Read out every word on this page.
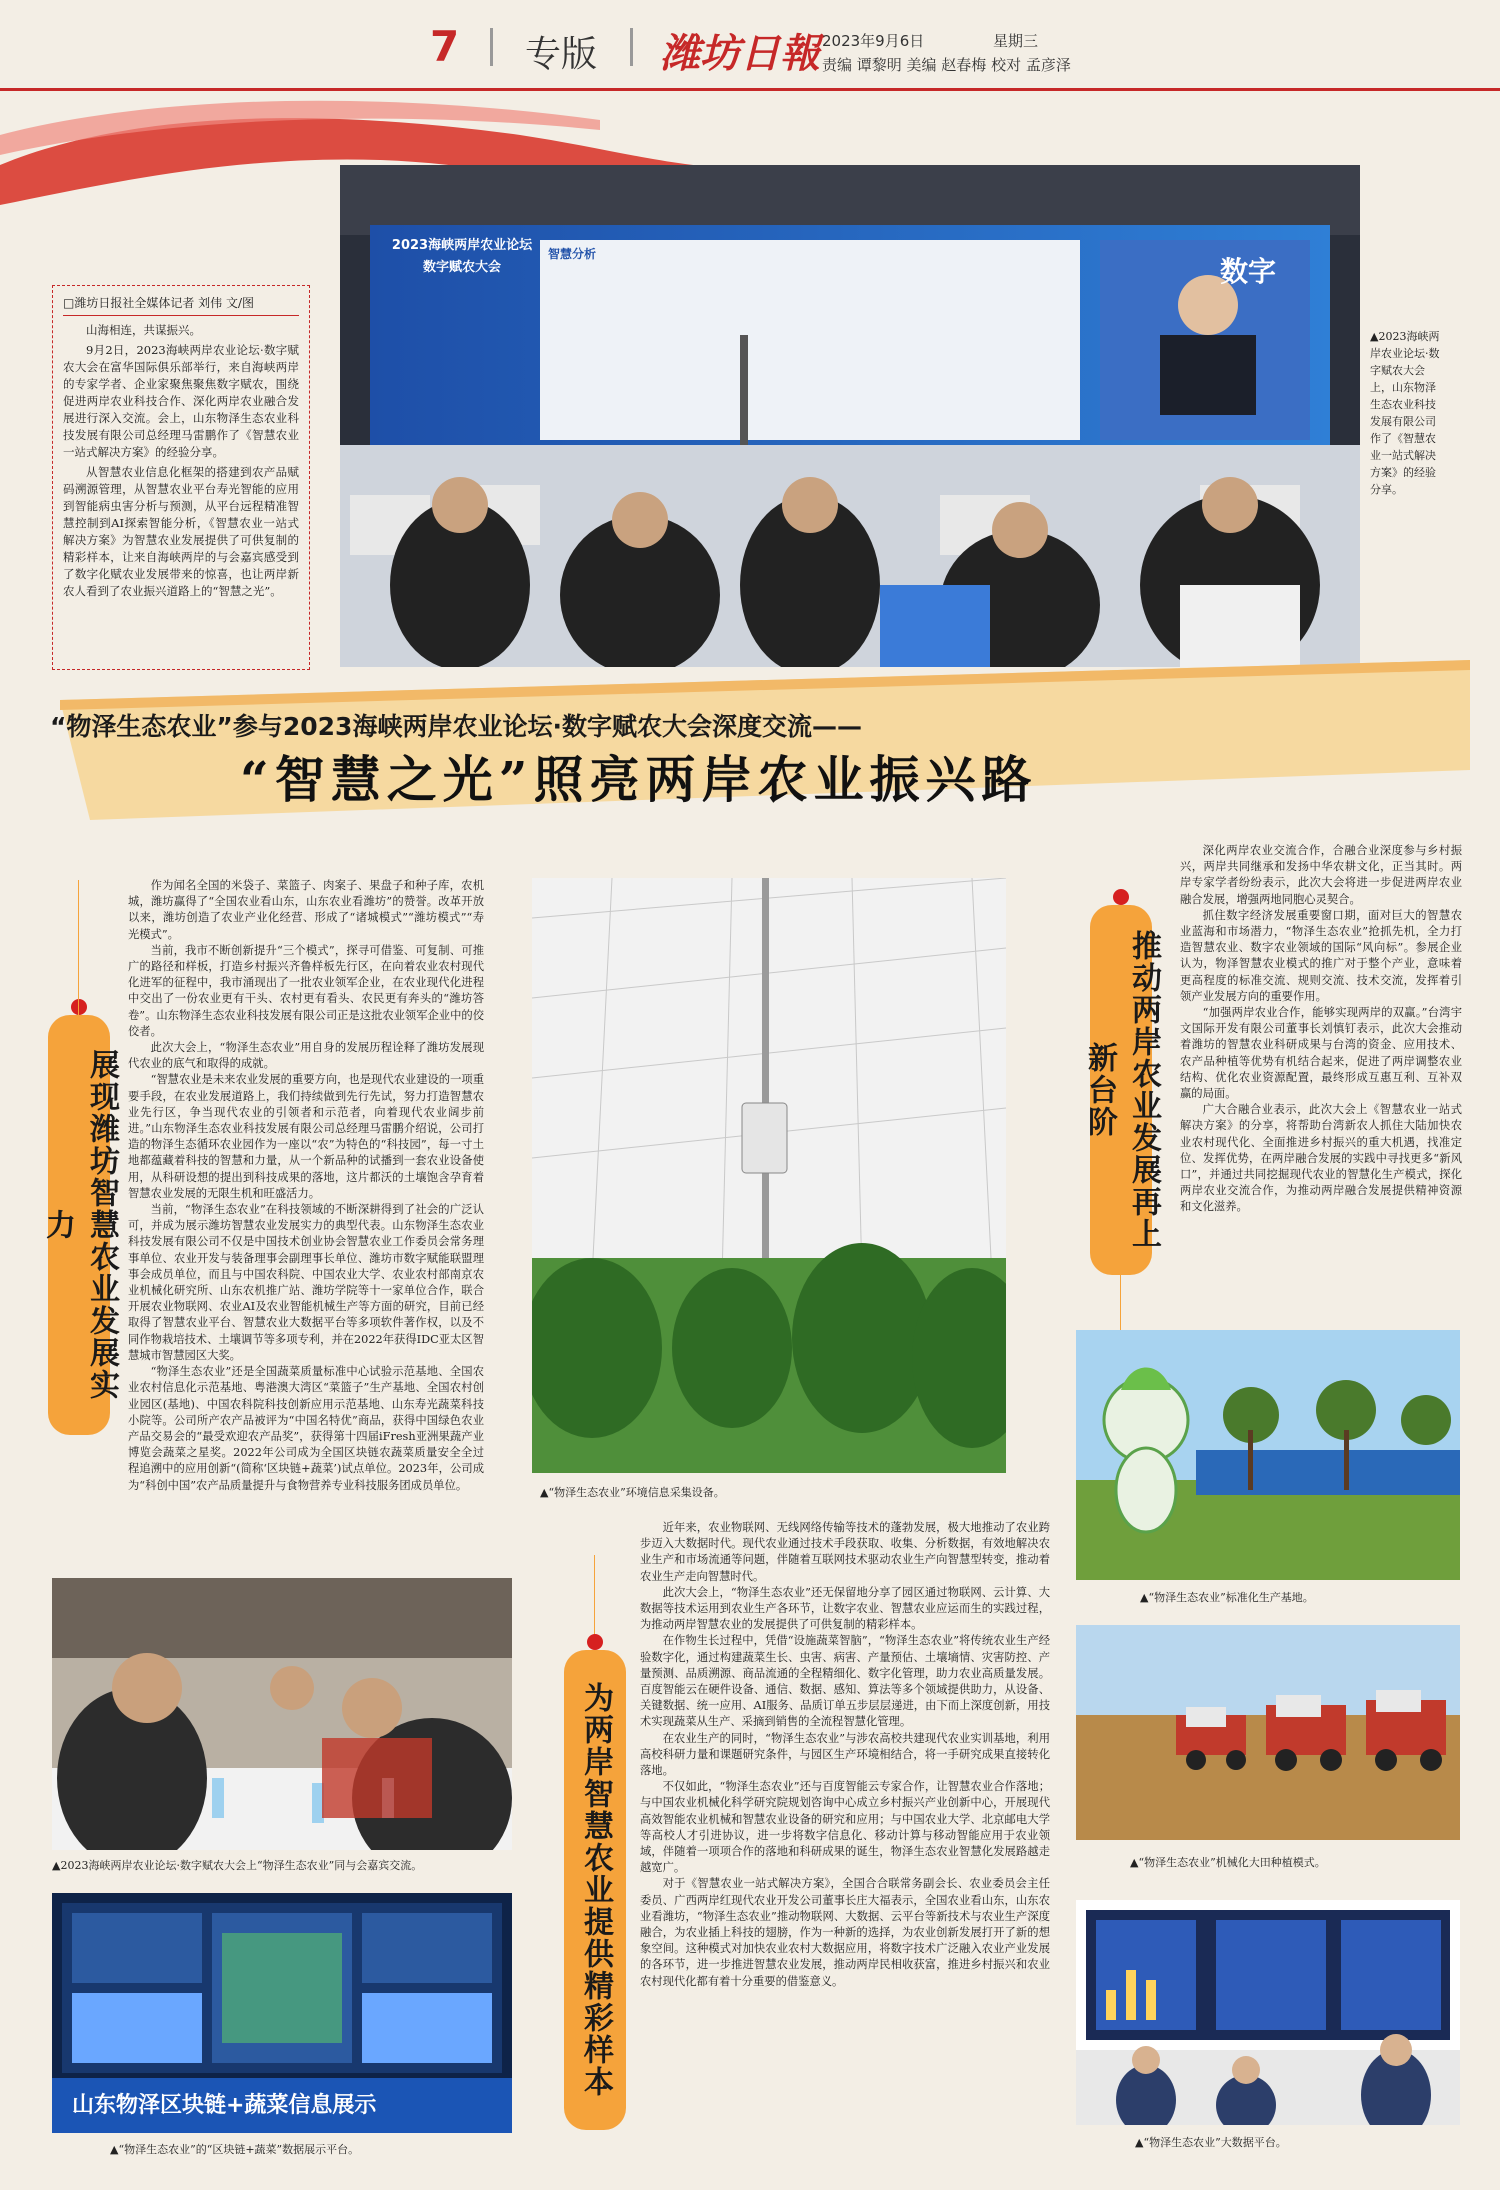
7 专版 潍坊日報 2023年9月6日	星期三
责编 谭黎明 美编 赵春梅 校对 孟彦泽
□潍坊日报社全媒体记者 刘伟 文/图

山海相连，共谋振兴。

9月2日，2023海峡两岸农业论坛·数字赋农大会在富华国际俱乐部举行，来自海峡两岸的专家学者、企业家聚焦聚焦数字赋农，围绕促进两岸农业科技合作、深化两岸农业融合发展进行深入交流。会上，山东物泽生态农业科技发展有限公司总经理马雷鹏作了《智慧农业一站式解决方案》的经验分享。

从智慧农业信息化框架的搭建到农产品赋码溯源管理，从智慧农业平台寿光智能的应用到智能病虫害分析与预测，从平台远程精准智慧控制到AI探索智能分析，《智慧农业一站式解决方案》为智慧农业发展提供了可供复制的精彩样本，让来自海峡两岸的与会嘉宾感受到了数字化赋农业发展带来的惊喜，也让两岸新农人看到了农业振兴道路上的“智慧之光”。

2023海峡两岸农业论坛
数字赋农大会
智慧分析
数字
▲2023海峡两岸农业论坛·数字赋农大会上，山东物泽生态农业科技发展有限公司作了《智慧农业一站式解决方案》的经验分享。
“物泽生态农业”参与2023海峡两岸农业论坛·数字赋农大会深度交流——
“智慧之光”照亮两岸农业振兴路
展现潍坊智慧农业发展实力

作为闻名全国的米袋子、菜篮子、肉案子、果盘子和种子库，农机城，潍坊赢得了“全国农业看山东，山东农业看潍坊”的赞誉。改革开放以来，潍坊创造了农业产业化经营、形成了“诸城模式”“潍坊模式”“寿光模式”。

当前，我市不断创新提升“三个模式”，探寻可借鉴、可复制、可推广的路径和样板，打造乡村振兴齐鲁样板先行区，在向着农业农村现代化进军的征程中，我市涌现出了一批农业领军企业，在农业现代化进程中交出了一份农业更有干头、农村更有看头、农民更有奔头的“潍坊答卷”。山东物泽生态农业科技发展有限公司正是这批农业领军企业中的佼佼者。

此次大会上，“物泽生态农业”用自身的发展历程诠释了潍坊发展现代农业的底气和取得的成就。

“智慧农业是未来农业发展的重要方向，也是现代农业建设的一项重要手段，在农业发展道路上，我们持续做到先行先试，努力打造智慧农业先行区，争当现代农业的引领者和示范者，向着现代农业阔步前进。”山东物泽生态农业科技发展有限公司总经理马雷鹏介绍说，公司打造的物泽生态循环农业园作为一座以“农”为特色的“科技园”，每一寸土地都蕴藏着科技的智慧和力量，从一个新品种的试播到一套农业设备使用，从科研设想的提出到科技成果的落地，这片都沃的土壤饱含孕育着智慧农业发展的无限生机和旺盛活力。

当前，“物泽生态农业”在科技领域的不断深耕得到了社会的广泛认可，并成为展示潍坊智慧农业发展实力的典型代表。山东物泽生态农业科技发展有限公司不仅是中国技术创业协会智慧农业工作委员会常务理事单位、农业开发与装备理事会副理事长单位、潍坊市数字赋能联盟理事会成员单位，而且与中国农科院、中国农业大学、农业农村部南京农业机械化研究所、山东农机推广站、潍坊学院等十一家单位合作，联合开展农业物联网、农业AI及农业智能机械生产等方面的研究，目前已经取得了智慧农业平台、智慧农业大数据平台等多项软件著作权，以及不同作物栽培技术、土壤调节等多项专利，并在2022年获得IDC亚太区智慧城市智慧园区大奖。

“物泽生态农业”还是全国蔬菜质量标准中心试验示范基地、全国农业农村信息化示范基地、粤港澳大湾区“菜篮子”生产基地、全国农村创业园区(基地)、中国农科院科技创新应用示范基地、山东寿光蔬菜科技小院等。公司所产农产品被评为“中国名特优”商品，获得中国绿色农业产品交易会的“最受欢迎农产品奖”，获得第十四届iFresh亚洲果蔬产业博览会蔬菜之星奖。2022年公司成为全国区块链农蔬菜质量安全全过程追溯中的应用创新“(简称‘区块链+蔬菜’)试点单位。2023年，公司成为“科创中国”农产品质量提升与食物营养专业科技服务团成员单位。

▲“物泽生态农业”环境信息采集设备。
推动两岸农业发展再上新台阶

深化两岸农业交流合作，合融合业深度参与乡村振兴，两岸共同继承和发扬中华农耕文化，正当其时。两岸专家学者纷纷表示，此次大会将进一步促进两岸农业融合发展，增强两地同胞心灵契合。

抓住数字经济发展重要窗口期，面对巨大的智慧农业蓝海和市场潜力，“物泽生态农业”抢抓先机，全力打造智慧农业、数字农业领域的国际“风向标”。参展企业认为，物泽智慧农业模式的推广对于整个产业，意味着更高程度的标准交流、规则交流、技术交流，发挥着引领产业发展方向的重要作用。

“加强两岸农业合作，能够实现两岸的双赢。”台湾宇文国际开发有限公司董事长刘慎钉表示，此次大会推动着潍坊的智慧农业科研成果与台湾的资金、应用技术、农产品种植等优势有机结合起来，促进了两岸调整农业结构、优化农业资源配置，最终形成互惠互利、互补双赢的局面。

广大合融合业表示，此次大会上《智慧农业一站式解决方案》的分享，将帮助台湾新农人抓住大陆加快农业农村现代化、全面推进乡村振兴的重大机遇，找准定位、发挥优势，在两岸融合发展的实践中寻找更多“新风口”，并通过共同挖掘现代农业的智慧化生产模式，探化两岸农业交流合作，为推动两岸融合发展提供精神资源和文化滋养。

▲“物泽生态农业”标准化生产基地。
▲“物泽生态农业”机械化大田种植模式。
▲“物泽生态农业”大数据平台。
为两岸智慧农业提供精彩样本

近年来，农业物联网、无线网络传输等技术的蓬勃发展，极大地推动了农业跨步迈入大数据时代。现代农业通过技术手段获取、收集、分析数据，有效地解决农业生产和市场流通等问题，伴随着互联网技术驱动农业生产向智慧型转变，推动着农业生产走向智慧时代。

此次大会上，“物泽生态农业”还无保留地分享了园区通过物联网、云计算、大数据等技术运用到农业生产各环节，让数字农业、智慧农业应运而生的实践过程，为推动两岸智慧农业的发展提供了可供复制的精彩样本。

在作物生长过程中，凭借“设施蔬菜智脑”，“物泽生态农业”将传统农业生产经验数字化，通过构建蔬菜生长、虫害、病害、产量预估、土壤墒情、灾害防控、产量预测、品质溯源、商品流通的全程精细化、数字化管理，助力农业高质量发展。百度智能云在硬件设备、通信、数据、感知、算法等多个领域提供助力，从设备、关键数据、统一应用、AI服务、品质订单五步层层递进，由下而上深度创新，用技术实现蔬菜从生产、采摘到销售的全流程智慧化管理。

在农业生产的同时，“物泽生态农业”与涉农高校共建现代农业实训基地，利用高校科研力量和课题研究条件，与园区生产环境相结合，将一手研究成果直接转化落地。

不仅如此，“物泽生态农业”还与百度智能云专家合作，让智慧农业合作落地；与中国农业机械化科学研究院规划咨询中心成立乡村振兴产业创新中心，开展现代高效智能农业机械和智慧农业设备的研究和应用；与中国农业大学、北京邮电大学等高校人才引进协议，进一步将数字信息化、移动计算与移动智能应用于农业领域，伴随着一项项合作的落地和科研成果的诞生，物泽生态农业智慧化发展路越走越宽广。

对于《智慧农业一站式解决方案》，全国合合联常务副会长、农业委员会主任委员、广西两岸红现代农业开发公司董事长庄大福表示，全国农业看山东，山东农业看潍坊，“物泽生态农业”推动物联网、大数据、云平台等新技术与农业生产深度融合，为农业插上科技的翅膀，作为一种新的选择，为农业创新发展打开了新的想象空间。这种模式对加快农业农村大数据应用，将数字技术广泛融入农业产业发展的各环节，进一步推进智慧农业发展，推动两岸民相收获富，推进乡村振兴和农业农村现代化都有着十分重要的借鉴意义。

▲2023海峡两岸农业论坛·数字赋农大会上“物泽生态农业”同与会嘉宾交流。
山东物泽区块链+蔬菜信息展示
▲“物泽生态农业”的“区块链+蔬菜”数据展示平台。
